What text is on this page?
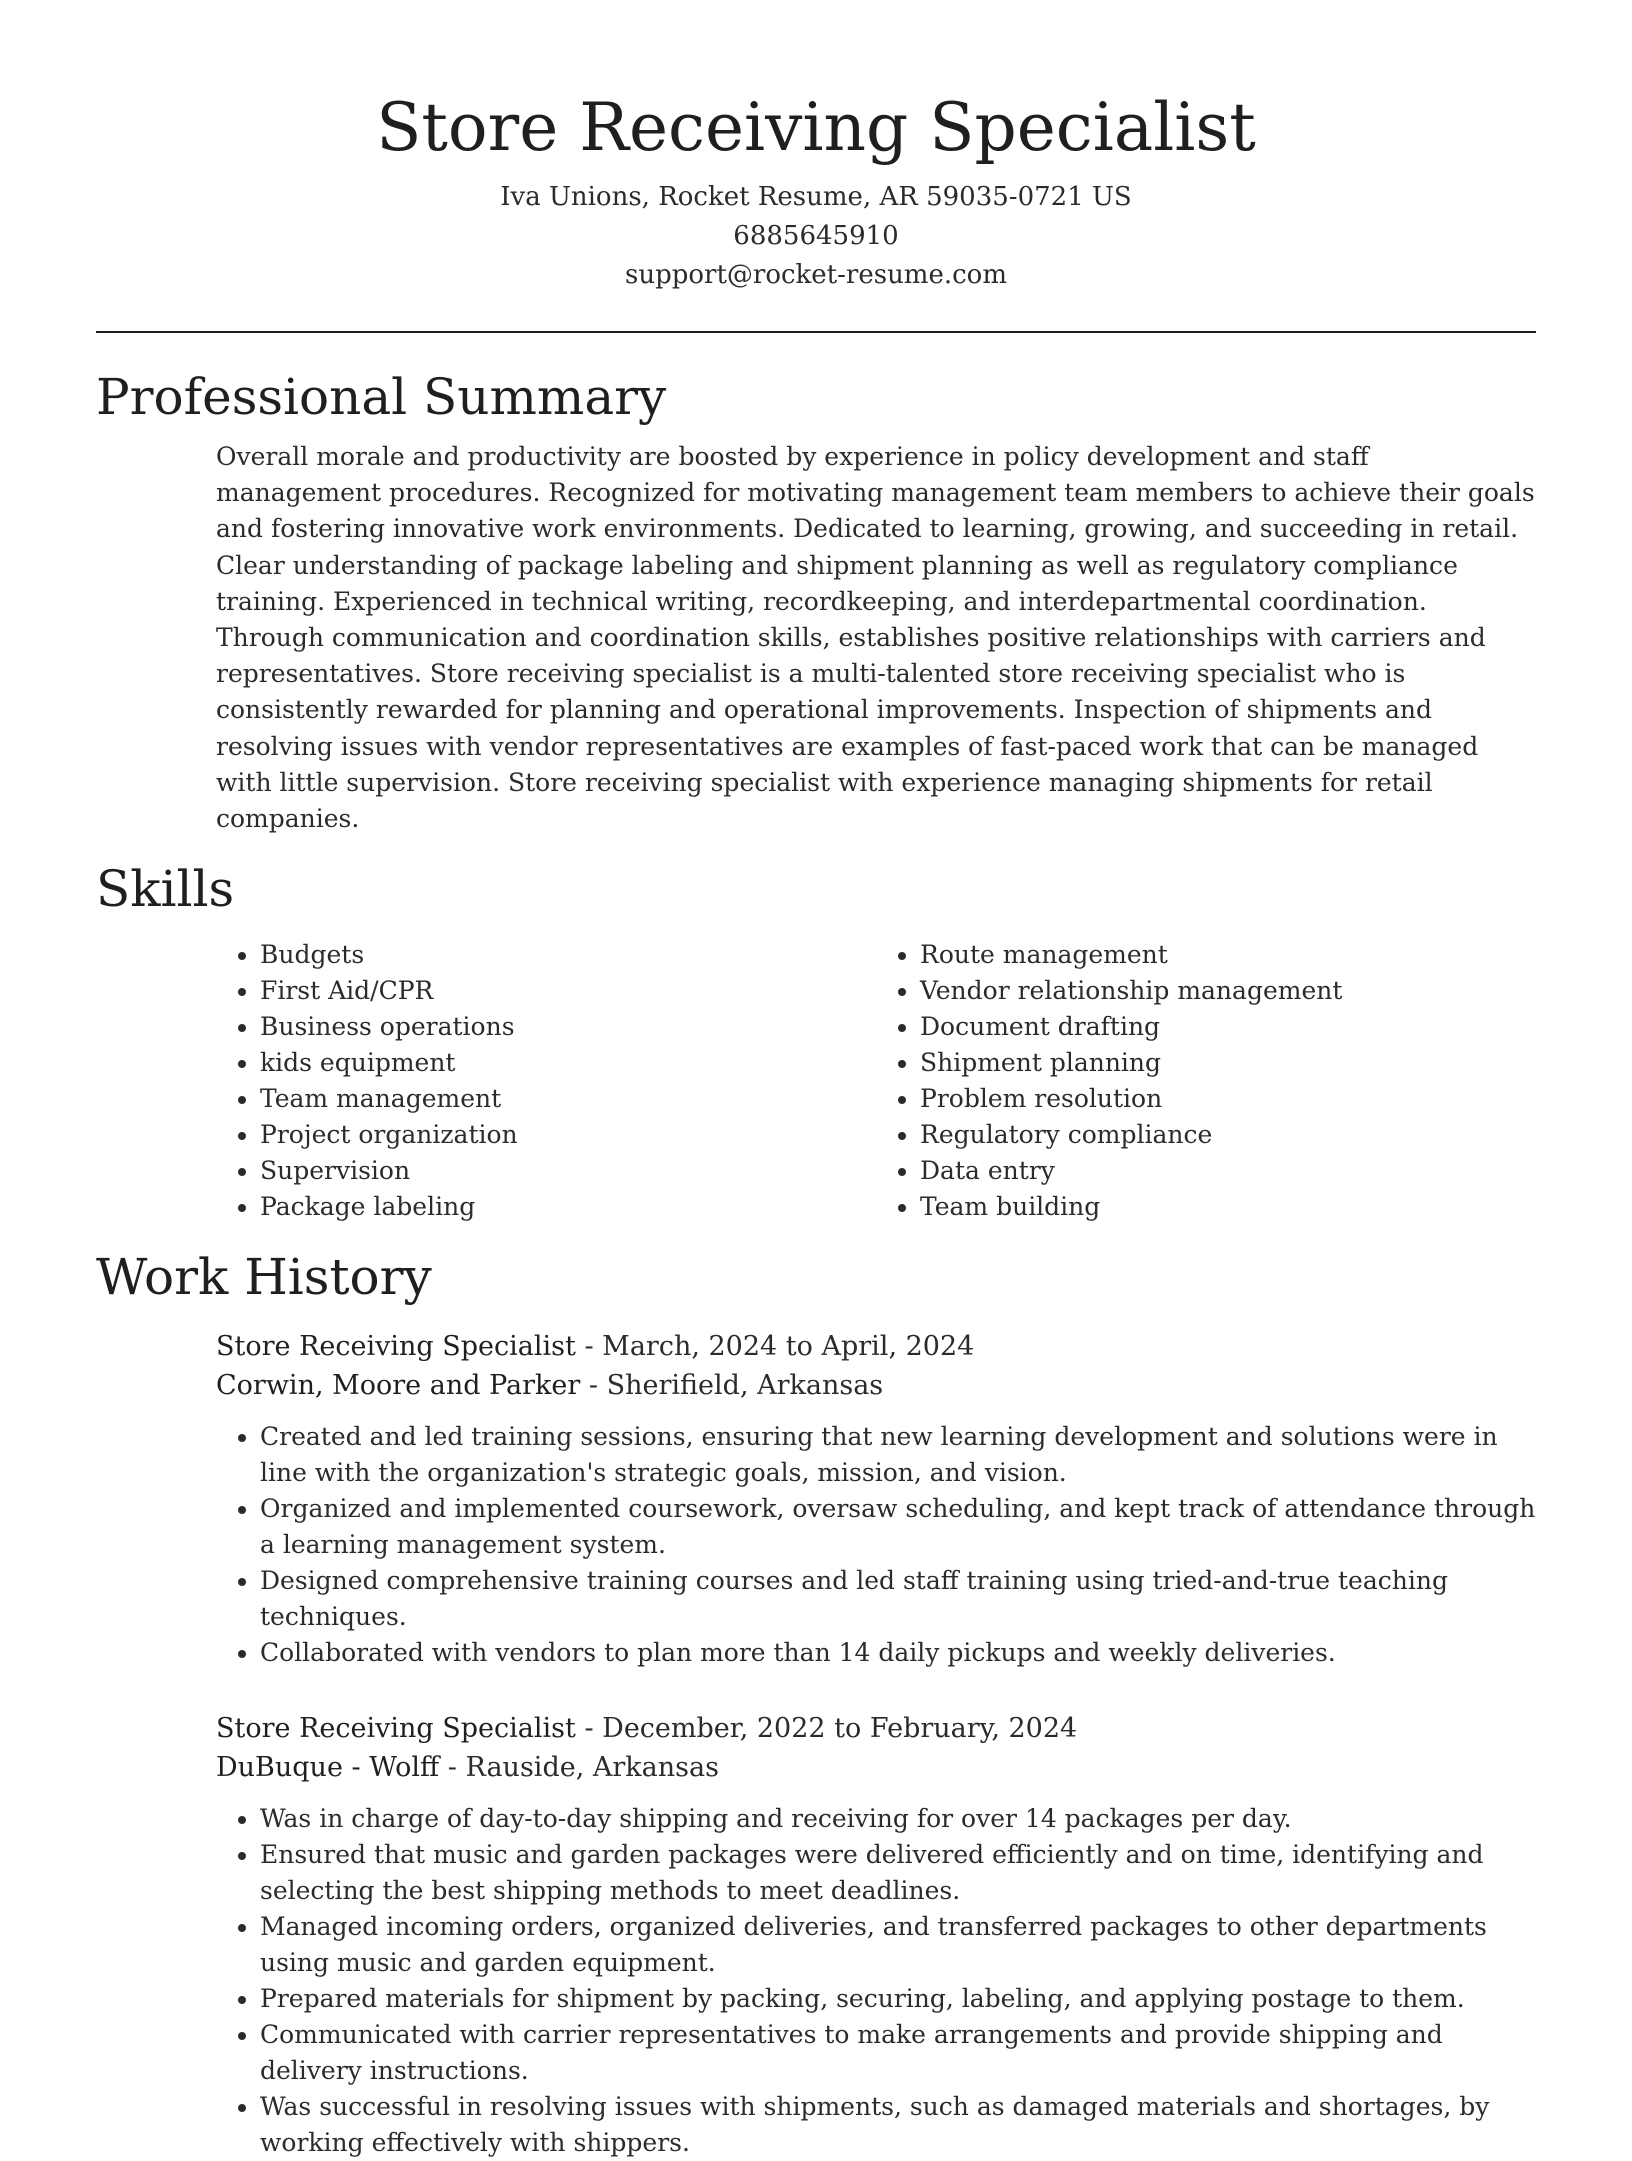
Store Receiving Specialist
Iva Unions, Rocket Resume, AR 59035-0721 US
6885645910
support@rocket-resume.com
Professional Summary
Overall morale and productivity are boosted by experience in policy development and staff management procedures. Recognized for motivating management team members to achieve their goals and fostering innovative work environments. Dedicated to learning, growing, and succeeding in retail. Clear understanding of package labeling and shipment planning as well as regulatory compliance training. Experienced in technical writing, recordkeeping, and interdepartmental coordination. Through communication and coordination skills, establishes positive relationships with carriers and representatives. Store receiving specialist is a multi-talented store receiving specialist who is consistently rewarded for planning and operational improvements. Inspection of shipments and resolving issues with vendor representatives are examples of fast-paced work that can be managed with little supervision. Store receiving specialist with experience managing shipments for retail companies.
Skills
• Budgets
• First Aid/CPR
• Business operations
• kids equipment
• Team management
• Project organization
• Supervision
• Package labeling
• Route management
• Vendor relationship management
• Document drafting
• Shipment planning
• Problem resolution
• Regulatory compliance
• Data entry
• Team building
Work History
Store Receiving Specialist - March, 2024 to April, 2024
Corwin, Moore and Parker - Sherifield, Arkansas
• Created and led training sessions, ensuring that new learning development and solutions were in line with the organization's strategic goals, mission, and vision.
• Organized and implemented coursework, oversaw scheduling, and kept track of attendance through a learning management system.
• Designed comprehensive training courses and led staff training using tried-and-true teaching techniques.
• Collaborated with vendors to plan more than 14 daily pickups and weekly deliveries.
Store Receiving Specialist - December, 2022 to February, 2024
DuBuque - Wolff - Rauside, Arkansas
• Was in charge of day-to-day shipping and receiving for over 14 packages per day.
• Ensured that music and garden packages were delivered efficiently and on time, identifying and selecting the best shipping methods to meet deadlines.
• Managed incoming orders, organized deliveries, and transferred packages to other departments using music and garden equipment.
• Prepared materials for shipment by packing, securing, labeling, and applying postage to them.
• Communicated with carrier representatives to make arrangements and provide shipping and delivery instructions.
• Was successful in resolving issues with shipments, such as damaged materials and shortages, by working effectively with shippers.
